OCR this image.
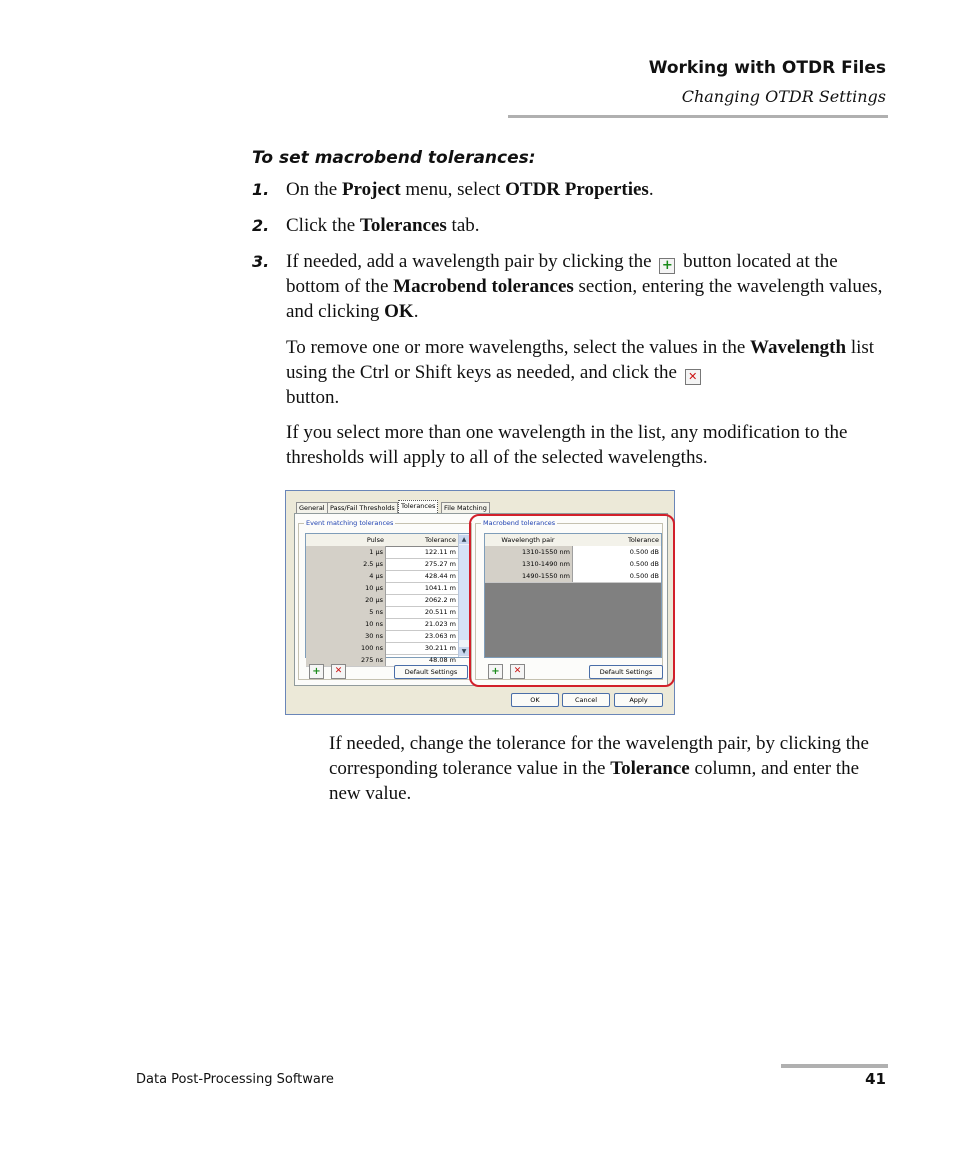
Working with OTDR Files
Changing OTDR Settings
To set macrobend tolerances:
1. On the Project menu, select OTDR Properties.
2. Click the Tolerances tab.
3. If needed, add a wavelength pair by clicking the + button located at the bottom of the Macrobend tolerances section, entering the wavelength values, and clicking OK.
To remove one or more wavelengths, select the values in the Wavelength list using the Ctrl or Shift keys as needed, and click the ✕
button.
If you select more than one wavelength in the list, any modification to the thresholds will apply to all of the selected wavelengths.
General Pass/Fail Thresholds Tolerances	File Matching
Event matching tolerances
Pulse	Tolerance
1 µs	122.11 m
2.5 µs	275.27 m
4 µs	428.44 m
10 µs	1041.1 m
20 µs	2062.2 m
5 ns	20.511 m
10 ns	21.023 m
30 ns	23.063 m
100 ns	30.211 m
275 ns	48.08 m
▲
▼
+	✕	Default Settings
Macrobend tolerances
Wavelength pair	Tolerance
1310-1550 nm	0.500 dB
1310-1490 nm	0.500 dB
1490-1550 nm	0.500 dB
+	✕	Default Settings
OK	Cancel	Apply
If needed, change the tolerance for the wavelength pair, by clicking the corresponding tolerance value in the Tolerance column, and enter the new value.
Data Post-Processing Software	41
